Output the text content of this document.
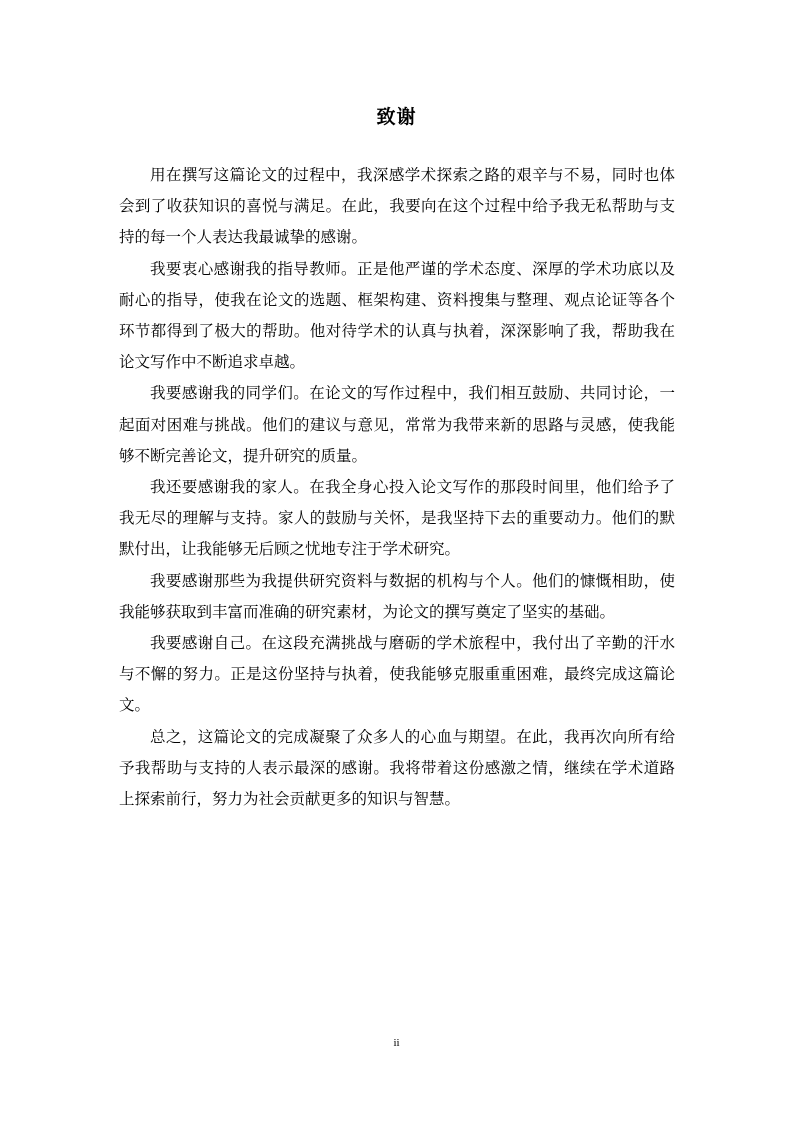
致谢

用在撰写这篇论文的过程中，我深感学术探索之路的艰辛与不易，同时也体会到了收获知识的喜悦与满足。在此，我要向在这个过程中给予我无私帮助与支持的每一个人表达我最诚挚的感谢。

我要衷心感谢我的指导教师。正是他严谨的学术态度、深厚的学术功底以及耐心的指导，使我在论文的选题、框架构建、资料搜集与整理、观点论证等各个环节都得到了极大的帮助。他对待学术的认真与执着，深深影响了我，帮助我在论文写作中不断追求卓越。

我要感谢我的同学们。在论文的写作过程中，我们相互鼓励、共同讨论，一起面对困难与挑战。他们的建议与意见，常常为我带来新的思路与灵感，使我能够不断完善论文，提升研究的质量。

我还要感谢我的家人。在我全身心投入论文写作的那段时间里，他们给予了我无尽的理解与支持。家人的鼓励与关怀，是我坚持下去的重要动力。他们的默默付出，让我能够无后顾之忧地专注于学术研究。

我要感谢那些为我提供研究资料与数据的机构与个人。他们的慷慨相助，使我能够获取到丰富而准确的研究素材，为论文的撰写奠定了坚实的基础。

我要感谢自己。在这段充满挑战与磨砺的学术旅程中，我付出了辛勤的汗水与不懈的努力。正是这份坚持与执着，使我能够克服重重困难，最终完成这篇论文。

总之，这篇论文的完成凝聚了众多人的心血与期望。在此，我再次向所有给予我帮助与支持的人表示最深的感谢。我将带着这份感激之情，继续在学术道路上探索前行，努力为社会贡献更多的知识与智慧。

ii
